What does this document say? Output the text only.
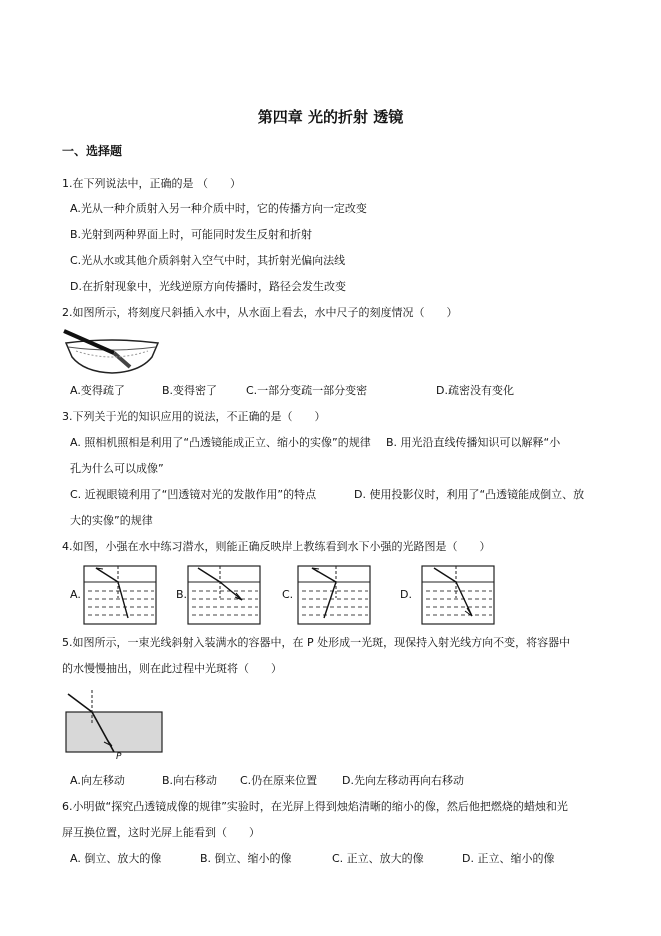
第四章 光的折射 透镜
一、选择题
1.在下列说法中，正确的是 （　　）
A.光从一种介质射入另一种介质中时，它的传播方向一定改变
B.光射到两种界面上时，可能同时发生反射和折射
C.光从水或其他介质斜射入空气中时，其折射光偏向法线
D.在折射现象中，光线逆原方向传播时，路径会发生改变
2.如图所示，将刻度尺斜插入水中，从水面上看去，水中尺子的刻度情况（　　）
A.变得疏了	B.变得密了	C.一部分变疏一部分变密	D.疏密没有变化
3.下列关于光的知识应用的说法，不正确的是（　　）
A. 照相机照相是利用了“凸透镜能成正立、缩小的实像”的规律 B. 用光沿直线传播知识可以解释“小
孔为什么可以成像”
C. 近视眼镜利用了“凹透镜对光的发散作用”的特点	D. 使用投影仪时，利用了“凸透镜能成倒立、放
大的实像”的规律
4.如图，小强在水中练习潜水，则能正确反映岸上教练看到水下小强的光路图是（　　）
A.	B.	C.	D.
5.如图所示，一束光线斜射入装满水的容器中，在 P 处形成一光斑，现保持入射光线方向不变，将容器中
的水慢慢抽出，则在此过程中光斑将（　　）
P
A.向左移动	B.向右移动 C.仍在原来位置 D.先向左移动再向右移动
6.小明做“探究凸透镜成像的规律”实验时，在光屏上得到烛焰清晰的缩小的像，然后他把燃烧的蜡烛和光
屏互换位置，这时光屏上能看到（　　）
A. 倒立、放大的像	B. 倒立、缩小的像	C. 正立、放大的像	D. 正立、缩小的像
